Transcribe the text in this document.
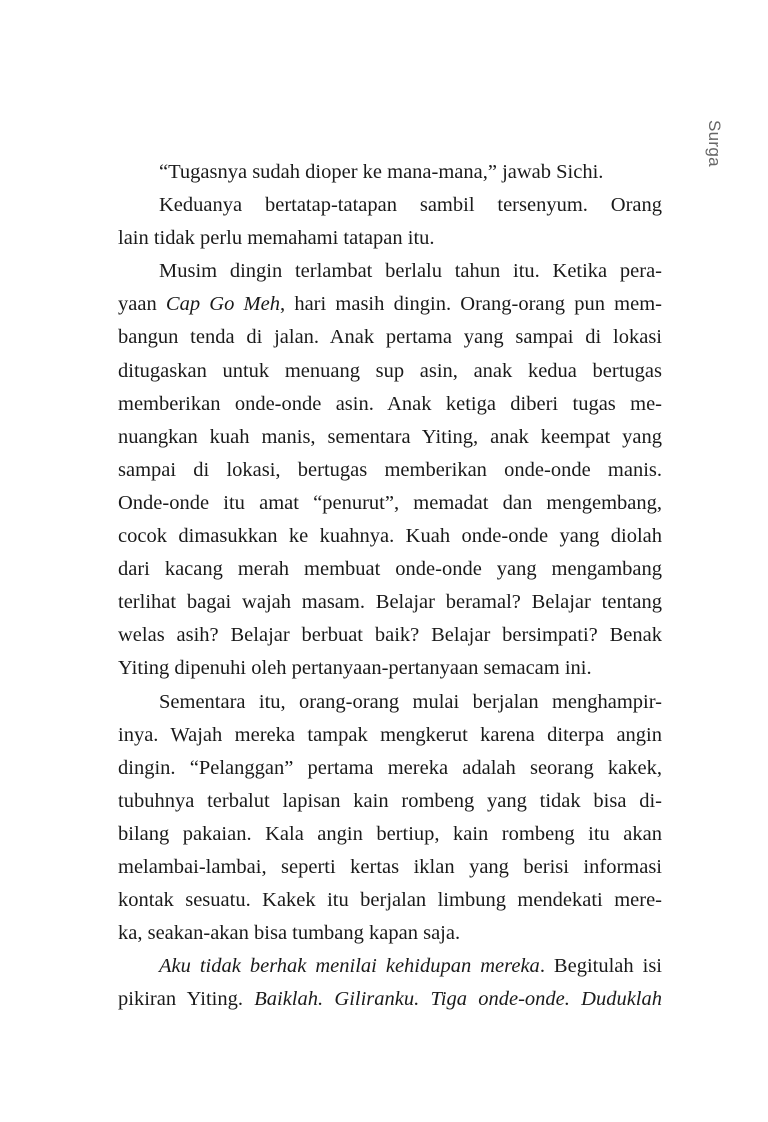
Surga
“Tugasnya sudah dioper ke mana-mana,” jawab Sichi.
Keduanya bertatap-tatapan sambil tersenyum. Orang
lain tidak perlu memahami tatapan itu.
Musim dingin terlambat berlalu tahun itu. Ketika pera-
yaan Cap Go Meh, hari masih dingin. Orang-orang pun mem-
bangun tenda di jalan. Anak pertama yang sampai di lokasi
ditugaskan untuk menuang sup asin, anak kedua bertugas
memberikan onde-onde asin. Anak ketiga diberi tugas me-
nuangkan kuah manis, sementara Yiting, anak keempat yang
sampai di lokasi, bertugas memberikan onde-onde manis.
Onde-onde itu amat “penurut”, memadat dan mengembang,
cocok dimasukkan ke kuahnya. Kuah onde-onde yang diolah
dari kacang merah membuat onde-onde yang mengambang
terlihat bagai wajah masam. Belajar beramal? Belajar tentang
welas asih? Belajar berbuat baik? Belajar bersimpati? Benak
Yiting dipenuhi oleh pertanyaan-pertanyaan semacam ini.
Sementara itu, orang-orang mulai berjalan menghampir-
inya. Wajah mereka tampak mengkerut karena diterpa angin
dingin. “Pelanggan” pertama mereka adalah seorang kakek,
tubuhnya terbalut lapisan kain rombeng yang tidak bisa di-
bilang pakaian. Kala angin bertiup, kain rombeng itu akan
melambai-lambai, seperti kertas iklan yang berisi informasi
kontak sesuatu. Kakek itu berjalan limbung mendekati mere-
ka, seakan-akan bisa tumbang kapan saja.
Aku tidak berhak menilai kehidupan mereka. Begitulah isi
pikiran Yiting. Baiklah. Giliranku. Tiga onde-onde. Duduklah
